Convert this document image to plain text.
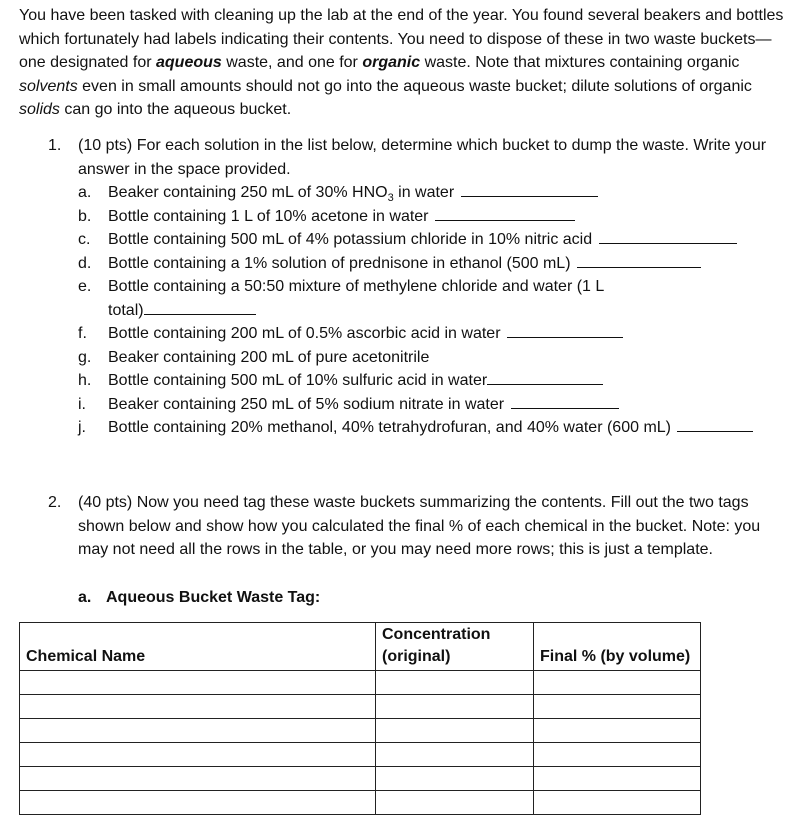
You have been tasked with cleaning up the lab at the end of the year. You found several beakers and bottles which fortunately had labels indicating their contents. You need to dispose of these in two waste buckets—one designated for aqueous waste, and one for organic waste. Note that mixtures containing organic solvents even in small amounts should not go into the aqueous waste bucket; dilute solutions of organic solids can go into the aqueous bucket.

1. (10 pts) For each solution in the list below, determine which bucket to dump the waste. Write your answer in the space provided.
a. Beaker containing 250 mL of 30% $HNO_3$ in water
b. Bottle containing 1 L of 10% acetone in water
c. Bottle containing 500 mL of 4% potassium chloride in 10% nitric acid
d. Bottle containing a 1% solution of prednisone in ethanol (500 mL)
e. Bottle containing a 50:50 mixture of methylene chloride and water (1 L total)
f. Bottle containing 200 mL of 0.5% ascorbic acid in water
g. Beaker containing 200 mL of pure acetonitrile
h. Bottle containing 500 mL of 10% sulfuric acid in water
i. Beaker containing 250 mL of 5% sodium nitrate in water
j. Bottle containing 20% methanol, 40% tetrahydrofuran, and 40% water (600 mL)
2. (40 pts) Now you need tag these waste buckets summarizing the contents. Fill out the two tags shown below and show how you calculated the final % of each chemical in the bucket. Note: you may not need all the rows in the table, or you may need more rows; this is just a template.
a. Aqueous Bucket Waste Tag:
Chemical Name	Concentration (original)	Final % (by volume)
